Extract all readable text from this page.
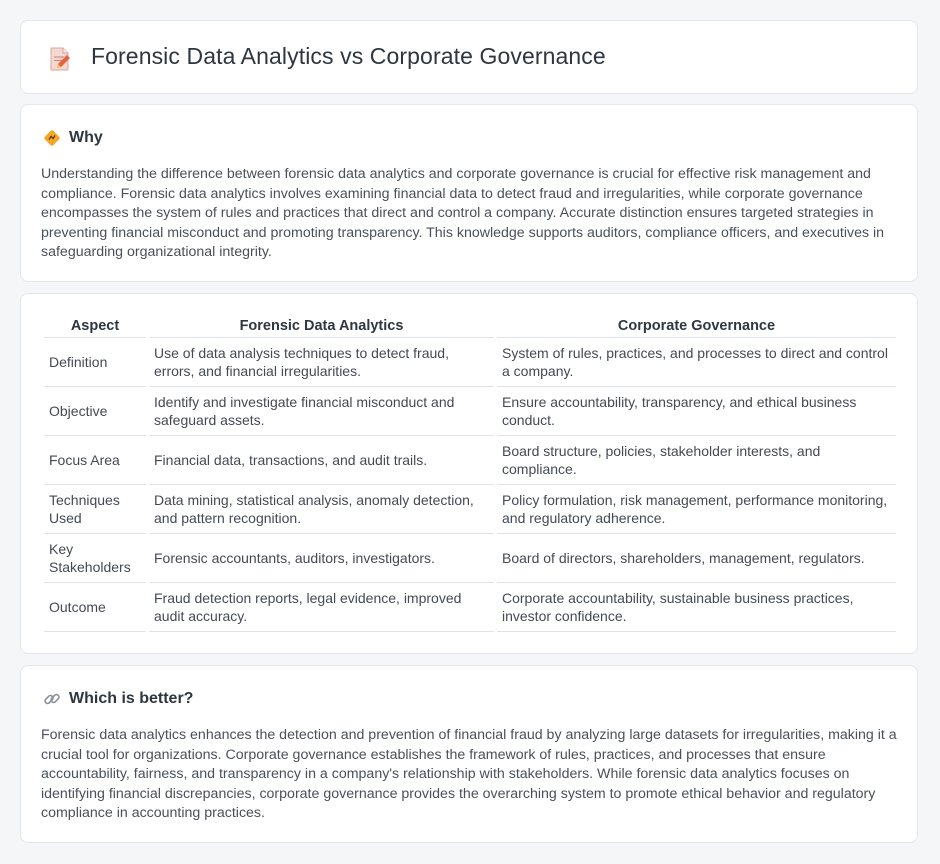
Forensic Data Analytics vs Corporate Governance
Why

Understanding the difference between forensic data analytics and corporate governance is crucial for effective risk management and compliance. Forensic data analytics involves examining financial data to detect fraud and irregularities, while corporate governance encompasses the system of rules and practices that direct and control a company. Accurate distinction ensures targeted strategies in preventing financial misconduct and promoting transparency. This knowledge supports auditors, compliance officers, and executives in safeguarding organizational integrity.

Aspect	Forensic Data Analytics	Corporate Governance
Definition	Use of data analysis techniques to detect fraud, errors, and financial irregularities.	System of rules, practices, and processes to direct and control a company.
Objective	Identify and investigate financial misconduct and safeguard assets.	Ensure accountability, transparency, and ethical business conduct.
Focus Area	Financial data, transactions, and audit trails.	Board structure, policies, stakeholder interests, and compliance.
Techniques Used	Data mining, statistical analysis, anomaly detection, and pattern recognition.	Policy formulation, risk management, performance monitoring, and regulatory adherence.
Key Stakeholders	Forensic accountants, auditors, investigators.	Board of directors, shareholders, management, regulators.
Outcome	Fraud detection reports, legal evidence, improved audit accuracy.	Corporate accountability, sustainable business practices, investor confidence.
Which is better?

Forensic data analytics enhances the detection and prevention of financial fraud by analyzing large datasets for irregularities, making it a crucial tool for organizations. Corporate governance establishes the framework of rules, practices, and processes that ensure accountability, fairness, and transparency in a company's relationship with stakeholders. While forensic data analytics focuses on identifying financial discrepancies, corporate governance provides the overarching system to promote ethical behavior and regulatory compliance in accounting practices.
